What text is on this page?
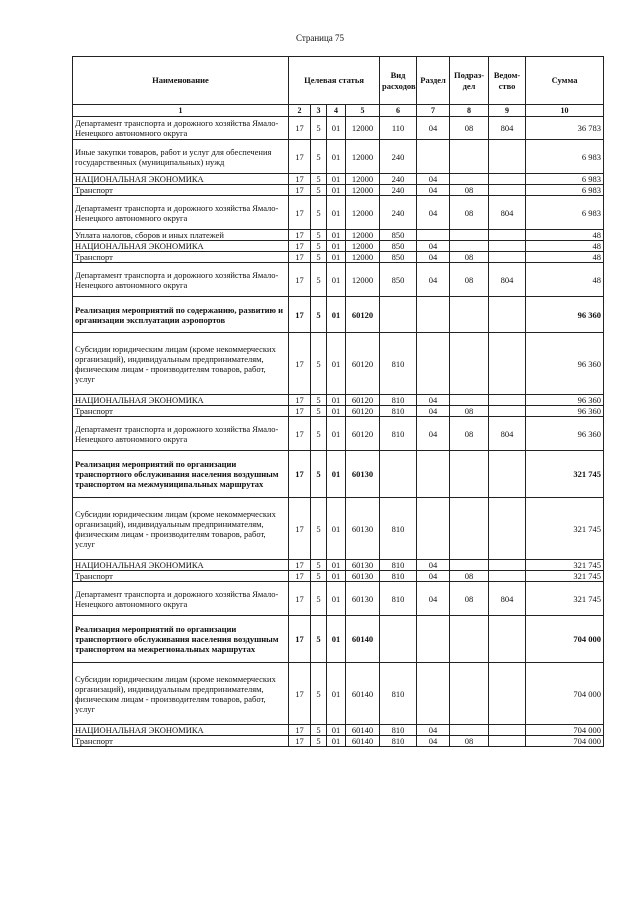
Страница 75
Наименование	Целевая статья				Вид расходов	Раздел	Подраз-дел	Ведом-ство	Сумма
1	2	3	4	5	6	7	8	9	10
Департамент транспорта и дорожного хозяйства Ямало-Ненецкого автономного округа	17	5	01	12000	110	04	08	804	36 783
Иные закупки товаров, работ и услуг для обеспечения государственных (муниципальных) нужд	17	5	01	12000	240				6 983
НАЦИОНАЛЬНАЯ ЭКОНОМИКА	17	5	01	12000	240	04			6 983
Транспорт	17	5	01	12000	240	04	08		6 983
Департамент транспорта и дорожного хозяйства Ямало-Ненецкого автономного округа	17	5	01	12000	240	04	08	804	6 983
Уплата налогов, сборов и иных платежей	17	5	01	12000	850				48
НАЦИОНАЛЬНАЯ ЭКОНОМИКА	17	5	01	12000	850	04			48
Транспорт	17	5	01	12000	850	04	08		48
Департамент транспорта и дорожного хозяйства Ямало-Ненецкого автономного округа	17	5	01	12000	850	04	08	804	48
Реализация мероприятий по содержанию, развитию и организации эксплуатации аэропортов	17	5	01	60120					96 360
Субсидии юридическим лицам (кроме некоммерческих организаций), индивидуальным предпринимателям, физическим лицам - производителям товаров, работ, услуг	17	5	01	60120	810				96 360
НАЦИОНАЛЬНАЯ ЭКОНОМИКА	17	5	01	60120	810	04			96 360
Транспорт	17	5	01	60120	810	04	08		96 360
Департамент транспорта и дорожного хозяйства Ямало-Ненецкого автономного округа	17	5	01	60120	810	04	08	804	96 360
Реализация мероприятий по организации транспортного обслуживания населения воздушным транспортом на межмуниципальных маршрутах	17	5	01	60130					321 745
Субсидии юридическим лицам (кроме некоммерческих организаций), индивидуальным предпринимателям, физическим лицам - производителям товаров, работ, услуг	17	5	01	60130	810				321 745
НАЦИОНАЛЬНАЯ ЭКОНОМИКА	17	5	01	60130	810	04			321 745
Транспорт	17	5	01	60130	810	04	08		321 745
Департамент транспорта и дорожного хозяйства Ямало-Ненецкого автономного округа	17	5	01	60130	810	04	08	804	321 745
Реализация мероприятий по организации транспортного обслуживания населения воздушным транспортом на межрегиональных маршрутах	17	5	01	60140					704 000
Субсидии юридическим лицам (кроме некоммерческих организаций), индивидуальным предпринимателям, физическим лицам - производителям товаров, работ, услуг	17	5	01	60140	810				704 000
НАЦИОНАЛЬНАЯ ЭКОНОМИКА	17	5	01	60140	810	04			704 000
Транспорт	17	5	01	60140	810	04	08		704 000
